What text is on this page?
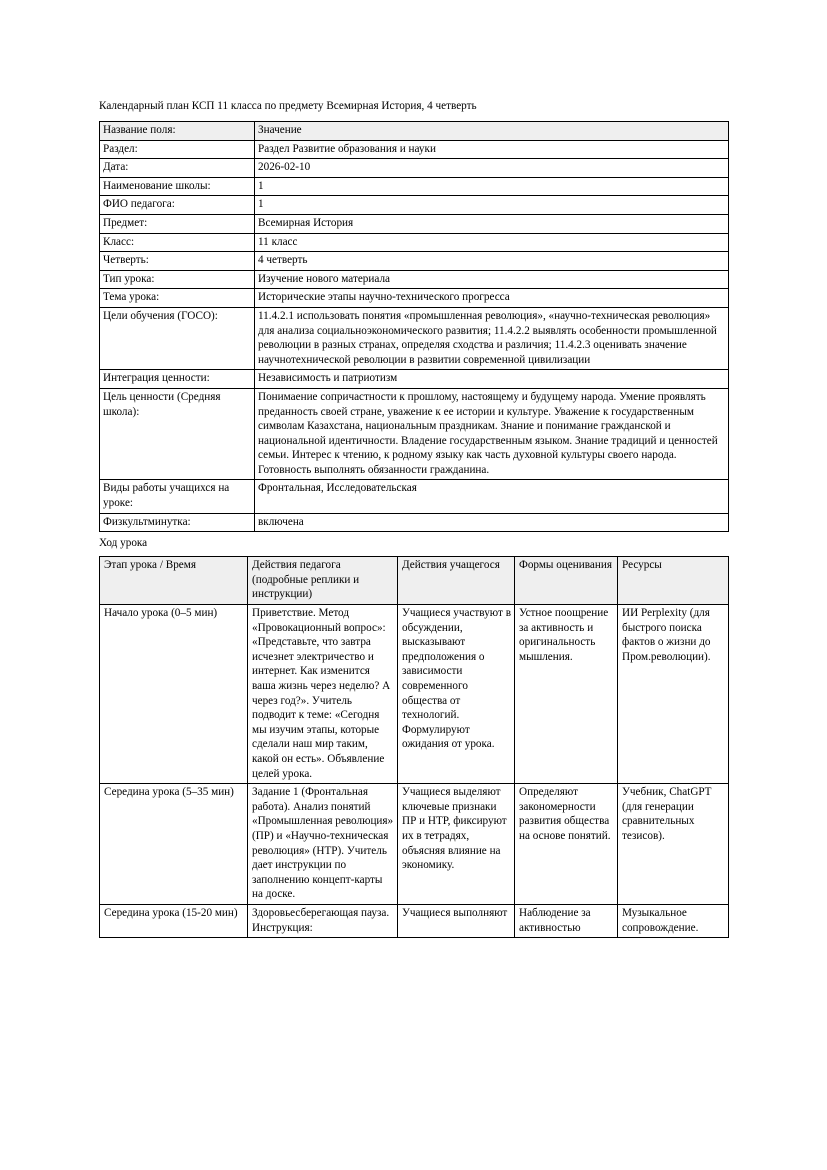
Календарный план КСП 11 класса по предмету Всемирная История, 4 четверть

Название поля:	Значение
Раздел:	Раздел Развитие образования и науки
Дата:	2026-02-10
Наименование школы:	1
ФИО педагога:	1
Предмет:	Всемирная История
Класс:	11 класс
Четверть:	4 четверть
Тип урока:	Изучение нового материала
Тема урока:	Исторические этапы научно-технического прогресса
Цели обучения (ГОСО):	11.4.2.1 использовать понятия «промышленная революция», «научно-техническая революция» для анализа социальноэкономического развития; 11.4.2.2 выявлять особенности промышленной революции в разных странах, определяя сходства и различия; 11.4.2.3 оценивать значение научнотехнической революции в развитии современной цивилизации
Интеграция ценности:	Независимость и патриотизм
Цель ценности (Средняя школа):	Понимаение сопричастности к прошлому, настоящему и будущему народа. Умение проявлять преданность своей стране, уважение к ее истории и культуре. Уважение к государственным символам Казахстана, национальным праздникам. Знание и понимание гражданской и национальной идентичности. Владение государственным языком. Знание традиций и ценностей семьи. Интерес к чтению, к родному языку как часть духовной культуры своего народа. Готовность выполнять обязанности гражданина.
Виды работы учащихся на уроке:	Фронтальная, Исследовательская
Физкультминутка:	включена

Ход урока

Этап урока / Время	Действия педагога (подробные реплики и инструкции)	Действия учащегося	Формы оценивания	Ресурсы
Начало урока (0–5 мин)	Приветствие. Метод «Провокационный вопрос»: «Представьте, что завтра исчезнет электричество и интернет. Как изменится ваша жизнь через неделю? А через год?». Учитель подводит к теме: «Сегодня мы изучим этапы, которые сделали наш мир таким, какой он есть». Объявление целей урока.	Учащиеся участвуют в обсуждении, высказывают предположения о зависимости современного общества от технологий. Формулируют ожидания от урока.	Устное поощрение за активность и оригинальность мышления.	ИИ Perplexity (для быстрого поиска фактов о жизни до Пром.революции).
Середина урока (5–35 мин)	Задание 1 (Фронтальная работа). Анализ понятий «Промышленная революция» (ПР) и «Научно-техническая революция» (НТР). Учитель дает инструкции по заполнению концепт-карты на доске.	Учащиеся выделяют ключевые признаки ПР и НТР, фиксируют их в тетрадях, объясняя влияние на экономику.	Определяют закономерности развития общества на основе понятий.	Учебник, ChatGPT (для генерации сравнительных тезисов).
Середина урока (15-20 мин)	Здоровьесберегающая пауза. Инструкция:	Учащиеся выполняют	Наблюдение за активностью	Музыкальное сопровождение.
